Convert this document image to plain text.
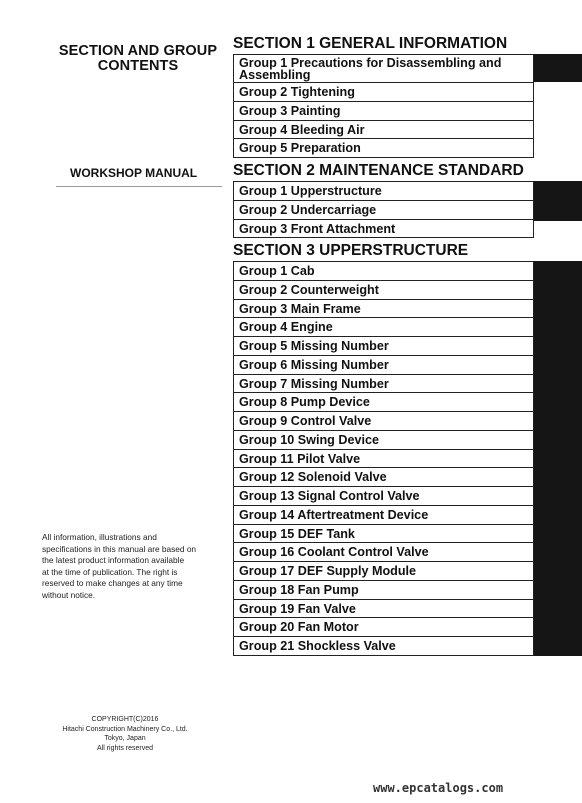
SECTION AND GROUP
CONTENTS
WORKSHOP MANUAL
All information, illustrations and
specifications in this manual are based on
the latest product information available
at the time of publication. The right is
reserved to make changes at any time
without notice.
COPYRIGHT(C)2016
Hitachi Construction Machinery Co., Ltd.
Tokyo, Japan
All rights reserved
www.epcatalogs.com
SECTION 1 GENERAL INFORMATION
Group 1 Precautions for Disassembling and Assembling
Group 2 Tightening
Group 3 Painting
Group 4 Bleeding Air
Group 5 Preparation
SECTION 2 MAINTENANCE STANDARD
Group 1 Upperstructure
Group 2 Undercarriage
Group 3 Front Attachment
SECTION 3 UPPERSTRUCTURE
Group 1 Cab
Group 2 Counterweight
Group 3 Main Frame
Group 4 Engine
Group 5 Missing Number
Group 6 Missing Number
Group 7 Missing Number
Group 8 Pump Device
Group 9 Control Valve
Group 10 Swing Device
Group 11 Pilot Valve
Group 12 Solenoid Valve
Group 13 Signal Control Valve
Group 14 Aftertreatment Device
Group 15 DEF Tank
Group 16 Coolant Control Valve
Group 17 DEF Supply Module
Group 18 Fan Pump
Group 19 Fan Valve
Group 20 Fan Motor
Group 21 Shockless Valve
